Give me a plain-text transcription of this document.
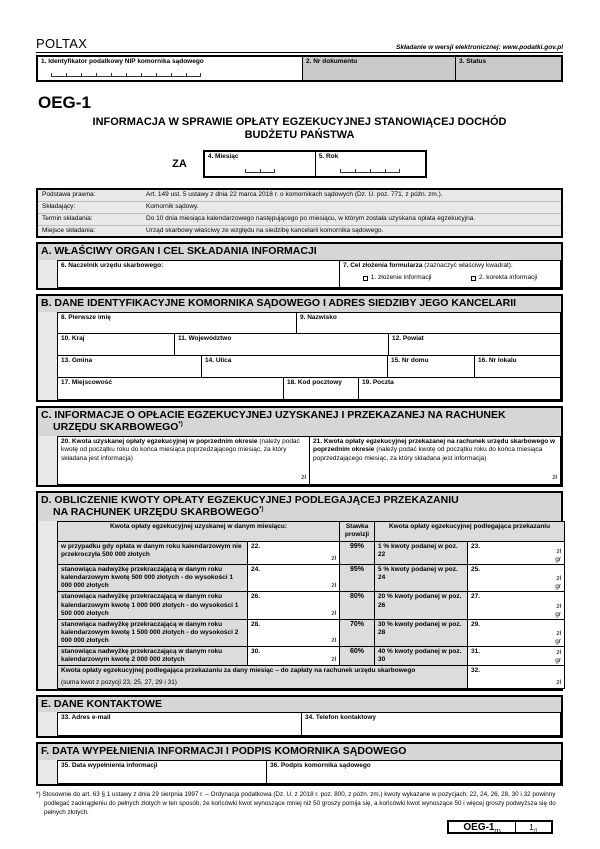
POLTAX	Składanie w wersji elektronicznej: www.podatki.gov.pl
1. Identyfikator podatkowy NIP komornika sądowego	2. Nr dokumentu	3. Status
OEG-1
INFORMACJA W SPRAWIE OPŁATY EGZEKUCYJNEJ STANOWIĄCEJ DOCHÓD
BUDŻETU PAŃSTWA
ZA
4. Miesiąc	5. Rok
Podstawa prawna:	Art. 149 ust. 5 ustawy z dnia 22 marca 2018 r. o komornikach sądowych (Dz. U. poz. 771, z późn. zm.).
Składający:	Komornik sądowy.
Termin składania:	Do 10 dnia miesiąca kalendarzowego następującego po miesiącu, w którym została uzyskana opłata egzekucyjna.
Miejsce składania:	Urząd skarbowy właściwy ze względu na siedzibę kancelarii komornika sądowego.
A. WŁAŚCIWY ORGAN I CEL SKŁADANIA INFORMACJI
6. Naczelnik urzędu skarbowego:	7. Cel złożenia formularza (zaznaczyć właściwy kwadrat):
1. złożenie informacji	2. korekta informacji
B. DANE IDENTYFIKACYJNE KOMORNIKA SĄDOWEGO I ADRES SIEDZIBY JEGO KANCELARII
8. Pierwsze imię	9. Nazwisko
10. Kraj	11. Województwo	12. Powiat
13. Gmina	14. Ulica	15. Nr domu	16. Nr lokalu
17. Miejscowość	18. Kod pocztowy	19. Poczta
C. INFORMACJE O OPŁACIE EGZEKUCYJNEJ UZYSKANEJ I PRZEKAZANEJ NA RACHUNEK
URZĘDU SKARBOWEGO*)
20. Kwota uzyskanej opłaty egzekucyjnej w poprzednim okresie (należy podać kwotę od początku roku do końca miesiąca poprzedzającego miesiąc, za który składana jest informacja)
zł
21. Kwota opłaty egzekucyjnej przekazanej na rachunek urzędu skarbowego w poprzednim okresie (należy podać kwotę od początku roku do końca miesiąca poprzedzającego miesiąc, za który składana jest informacja)
zł
D. OBLICZENIE KWOTY OPŁATY EGZEKUCYJNEJ PODLEGAJĄCEJ PRZEKAZANIU
NA RACHUNEK URZĘDU SKARBOWEGO*)
Kwota opłaty egzekucyjnej uzyskanej w danym miesiącu:		Stawka prowizji	Kwota opłaty egzekucyjnej podlegająca przekazaniu	
w przypadku gdy opłata w danym roku kalendarzowym nie przekroczyła 500 000 złotych	22.
zł	99%	1 % kwoty podanej w poz. 22	23.
zł
gr

stanowiąca nadwyżkę przekraczającą w danym roku kalendarzowym kwotę 500 000 złotych - do wysokości 1 000 000 złotych	24.
zł	95%	5 % kwoty podanej w poz. 24	25.
zł
gr

stanowiąca nadwyżkę przekraczającą w danym roku kalendarzowym kwotę 1 000 000 złotych - do wysokości 1 500 000 złotych	26.
zł	80%	20 % kwoty podanej w poz. 26	27.
zł
gr

stanowiąca nadwyżkę przekraczającą w danym roku kalendarzowym kwotę 1 500 000 złotych - do wysokości 2 000 000 złotych	28.
zł	70%	30 % kwoty podanej w poz. 28	29.
zł
gr

stanowiąca nadwyżkę przekraczającą w danym roku kalendarzowym kwotę 2 000 000 złotych	30.
zł	60%	40 % kwoty podanej w poz. 30	31. zł
gr

Kwota opłaty egzekucyjnej podlegająca przekazaniu za dany miesiąc – do zapłaty na rachunek urzędu skarbowego
(suma kwot z pozycji 23, 25, 27, 29 i 31)
	32.
zł
E. DANE KONTAKTOWE
33. Adres e-mail	34. Telefon kontaktowy
F. DATA WYPEŁNIENIA INFORMACJI I PODPIS KOMORNIKA SĄDOWEGO
35. Data wypełnienia informacji	36. Podpis komornika sądowego
*) Stosownie do art. 63 § 1 ustawy z dnia 29 sierpnia 1997 r. – Ordynacja podatkowa (Dz. U. z 2018 r. poz. 800, z późn. zm.) kwoty wykazane w pozycjach: 22, 24, 26, 28, 30 i 32 powinny podlegać zaokrągleniu do pełnych złotych w ten sposób, że końcówki kwot wynoszące mniej niż 50 groszy pomija się, a końcówki kwot wynoszące 50 i więcej groszy podwyższa się do pełnych złotych.
OEG-$1_{(1)}$	$1_{/1}$
